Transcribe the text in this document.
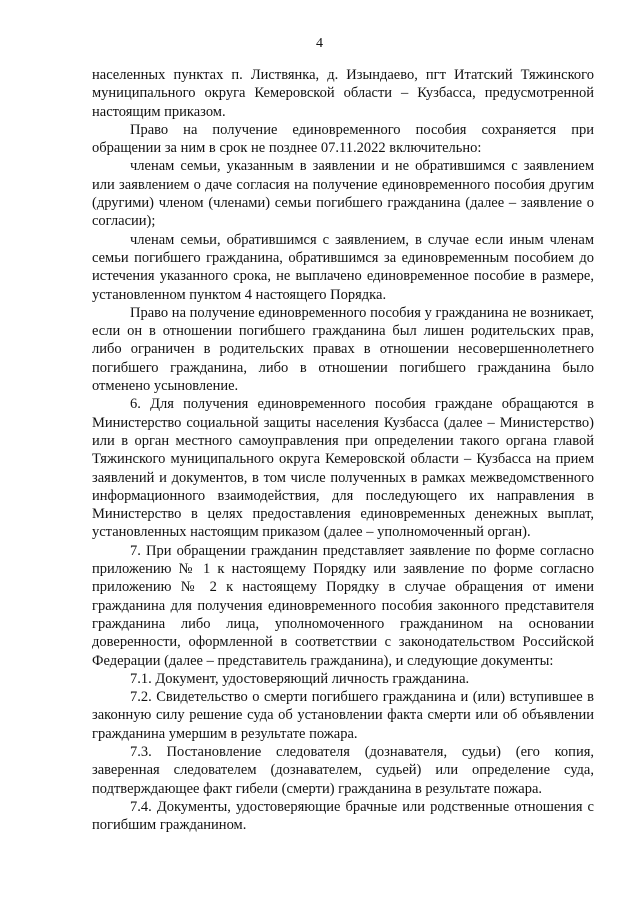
4

населенных пунктах п. Листвянка, д. Изындаево, пгт Итатский Тяжинского муниципального округа Кемеровской области – Кузбасса, предусмотренной настоящим приказом.

Право на получение единовременного пособия сохраняется при обращении за ним в срок не позднее 07.11.2022 включительно:

членам семьи, указанным в заявлении и не обратившимся с заявлением или заявлением о даче согласия на получение единовременного пособия другим (другими) членом (членами) семьи погибшего гражданина (далее – заявление о согласии);

членам семьи, обратившимся с заявлением, в случае если иным членам семьи погибшего гражданина, обратившимся за единовременным пособием до истечения указанного срока, не выплачено единовременное пособие в размере, установленном пунктом 4 настоящего Порядка.

Право на получение единовременного пособия у гражданина не возникает, если он в отношении погибшего гражданина был лишен родительских прав, либо ограничен в родительских правах в отношении несовершеннолетнего погибшего гражданина, либо в отношении погибшего гражданина было отменено усыновление.

6. Для получения единовременного пособия граждане обращаются в Министерство социальной защиты населения Кузбасса (далее – Министерство) или в орган местного самоуправления при определении такого органа главой Тяжинского муниципального округа Кемеровской области – Кузбасса на прием заявлений и документов, в том числе полученных в рамках межведомственного информационного взаимодействия, для последующего их направления в Министерство в целях предоставления единовременных денежных выплат, установленных настоящим приказом (далее – уполномоченный орган).

7. При обращении гражданин представляет заявление по форме согласно приложению № 1 к настоящему Порядку или заявление по форме согласно приложению № 2 к настоящему Порядку в случае обращения от имени гражданина для получения единовременного пособия законного представителя гражданина либо лица, уполномоченного гражданином на основании доверенности, оформленной в соответствии с законодательством Российской Федерации (далее – представитель гражданина), и следующие документы:

7.1. Документ, удостоверяющий личность гражданина.

7.2. Свидетельство о смерти погибшего гражданина и (или) вступившее в законную силу решение суда об установлении факта смерти или об объявлении гражданина умершим в результате пожара.

7.3. Постановление следователя (дознавателя, судьи) (его копия, заверенная следователем (дознавателем, судьей) или определение суда, подтверждающее факт гибели (смерти) гражданина в результате пожара.

7.4. Документы, удостоверяющие брачные или родственные отношения с погибшим гражданином.
